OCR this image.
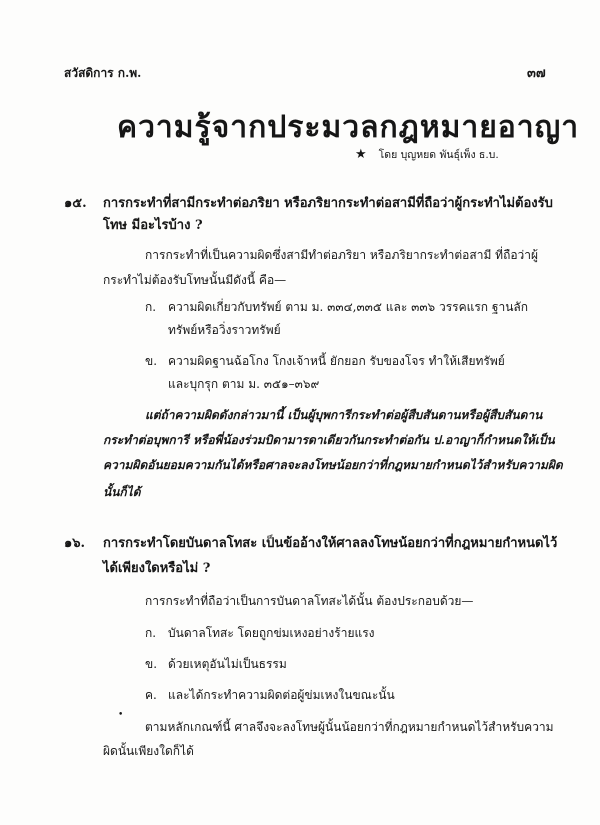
สวัสดิการ ก.พ.	๓๗
ความรู้จากประมวลกฎหมายอาญา
★ โดย บุญหยด พันธุ์เพ็ง ธ.บ.
๑๕. การกระทำที่สามีกระทำต่อภริยา หรือภริยากระทำต่อสามีที่ถือว่าผู้กระทำไม่ต้องรับ
โทษ มีอะไรบ้าง ?
การกระทำที่เป็นความผิดซึ่งสามีทำต่อภริยา หรือภริยากระทำต่อสามี ที่ถือว่าผู้
กระทำไม่ต้องรับโทษนั้นมีดังนี้ คือ—
ก. ความผิดเกี่ยวกับทรัพย์ ตาม ม. ๓๓๔,๓๓๕ และ ๓๓๖ วรรคแรก ฐานลัก
ทรัพย์หรือวิ่งราวทรัพย์
ข. ความผิดฐานฉ้อโกง โกงเจ้าหนี้ ยักยอก รับของโจร ทำให้เสียทรัพย์
และบุกรุก ตาม ม. ๓๕๑–๓๖๙
แต่ถ้าความผิดดังกล่าวมานี้ เป็นผู้บุพการีกระทำต่อผู้สืบสันดานหรือผู้สืบสันดาน
กระทำต่อบุพการี หรือพี่น้องร่วมบิดามารดาเดียวกันกระทำต่อกัน ป.อาญาก็กำหนดให้เป็น
ความผิดอันยอมความกันได้หรือศาลจะลงโทษน้อยกว่าที่กฎหมายกำหนดไว้สำหรับความผิด
นั้นก็ได้
๑๖. การกระทำโดยบันดาลโทสะ เป็นข้ออ้างให้ศาลลงโทษน้อยกว่าที่กฎหมายกำหนดไว้
ได้เพียงใดหรือไม่ ?
การกระทำที่ถือว่าเป็นการบันดาลโทสะได้นั้น ต้องประกอบด้วย—
ก. บันดาลโทสะ โดยถูกข่มเหงอย่างร้ายแรง
ข. ด้วยเหตุอันไม่เป็นธรรม
ค. และได้กระทำความผิดต่อผู้ข่มเหงในขณะนั้น
•
ตามหลักเกณฑ์นี้ ศาลจึงจะลงโทษผู้นั้นน้อยกว่าที่กฎหมายกำหนดไว้สำหรับความ
ผิดนั้นเพียงใดก็ได้
